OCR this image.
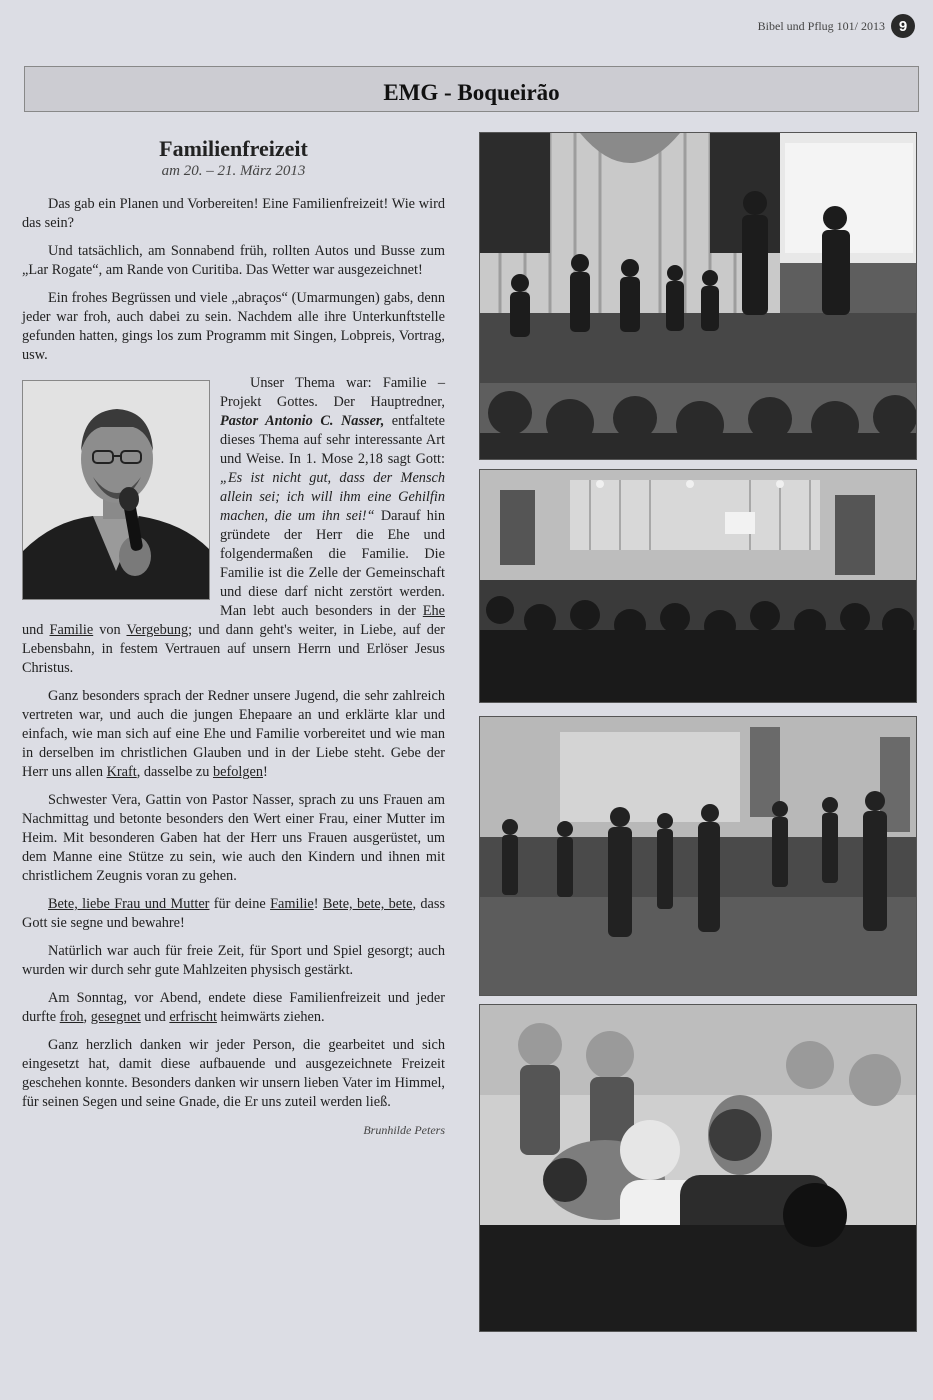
Bibel und Pflug 101/ 2013 9
EMG - Boqueirão
Familienfreizeit
am 20. – 21. März 2013

Das gab ein Planen und Vorbereiten! Eine Familienfreizeit! Wie wird das sein?

Und tatsächlich, am Sonnabend früh, rollten Autos und Busse zum „Lar Rogate“, am Rande von Curitiba. Das Wetter war ausgezeichnet!

Ein frohes Begrüssen und viele „abraços“ (Umarmungen) gabs, denn jeder war froh, auch dabei zu sein. Nachdem alle ihre Unterkunftstelle gefunden hatten, gings los zum Programm mit Singen, Lobpreis, Vortrag, usw.

Unser Thema war: Familie – Projekt Gottes. Der Hauptredner, Pastor Antonio C. Nasser, entfaltete dieses Thema auf sehr interessante Art und Weise. In 1. Mose 2,18 sagt Gott: „Es ist nicht gut, dass der Mensch allein sei; ich will ihm eine Gehilfin machen, die um ihn sei!“ Darauf hin gründete der Herr die Ehe und folgendermaßen die Familie. Die Familie ist die Zelle der Gemeinschaft und diese darf nicht zerstört werden. Man lebt auch besonders in der Ehe und Familie von Vergebung; und dann geht's weiter, in Liebe, auf der Lebensbahn, in festem Vertrauen auf unsern Herrn und Erlöser Jesus Christus.

Ganz besonders sprach der Redner unsere Jugend, die sehr zahlreich vertreten war, und auch die jungen Ehepaare an und erklärte klar und einfach, wie man sich auf eine Ehe und Familie vorbereitet und wie man in derselben im christlichen Glauben und in der Liebe steht. Gebe der Herr uns allen Kraft, dasselbe zu befolgen!

Schwester Vera, Gattin von Pastor Nasser, sprach zu uns Frauen am Nachmittag und betonte besonders den Wert einer Frau, einer Mutter im Heim. Mit besonderen Gaben hat der Herr uns Frauen ausgerüstet, um dem Manne eine Stütze zu sein, wie auch den Kindern und ihnen mit christlichem Zeugnis voran zu gehen.

Bete, liebe Frau und Mutter für deine Familie! Bete, bete, bete, dass Gott sie segne und bewahre!

Natürlich war auch für freie Zeit, für Sport und Spiel gesorgt; auch wurden wir durch sehr gute Mahlzeiten physisch gestärkt.

Am Sonntag, vor Abend, endete diese Familienfreizeit und jeder durfte froh, gesegnet und erfrischt heimwärts ziehen.

Ganz herzlich danken wir jeder Person, die gearbeitet und sich eingesetzt hat, damit diese aufbauende und ausgezeichnete Freizeit geschehen konnte. Besonders danken wir unsern lieben Vater im Himmel, für seinen Segen und seine Gnade, die Er uns zuteil werden ließ.

Brunhilde Peters
